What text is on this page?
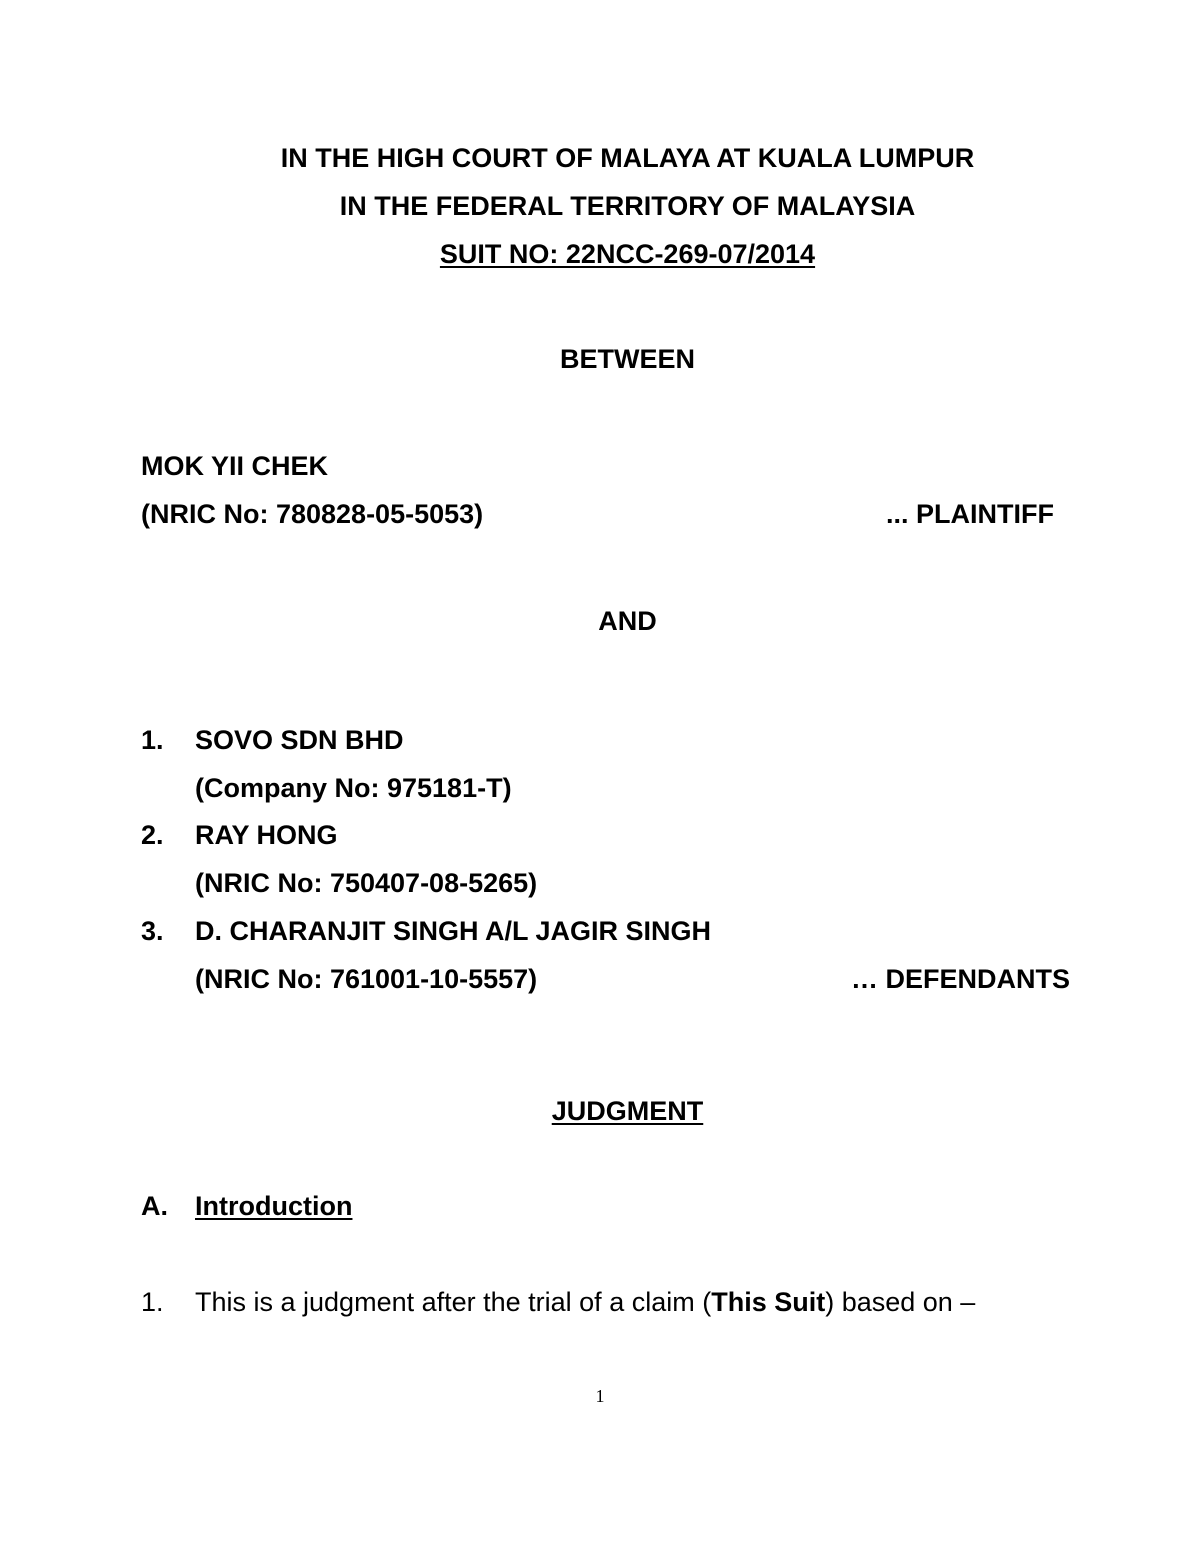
IN THE HIGH COURT OF MALAYA AT KUALA LUMPUR
IN THE FEDERAL TERRITORY OF MALAYSIA
SUIT NO: 22NCC-269-07/2014
BETWEEN
MOK YII CHEK
(NRIC No: 780828-05-5053)	... PLAINTIFF
AND
1. SOVO SDN BHD
(Company No: 975181-T)
2. RAY HONG
(NRIC No: 750407-08-5265)
3. D. CHARANJIT SINGH A/L JAGIR SINGH
(NRIC No: 761001-10-5557)	… DEFENDANTS
JUDGMENT
A. Introduction
1. This is a judgment after the trial of a claim (This Suit) based on –
1
